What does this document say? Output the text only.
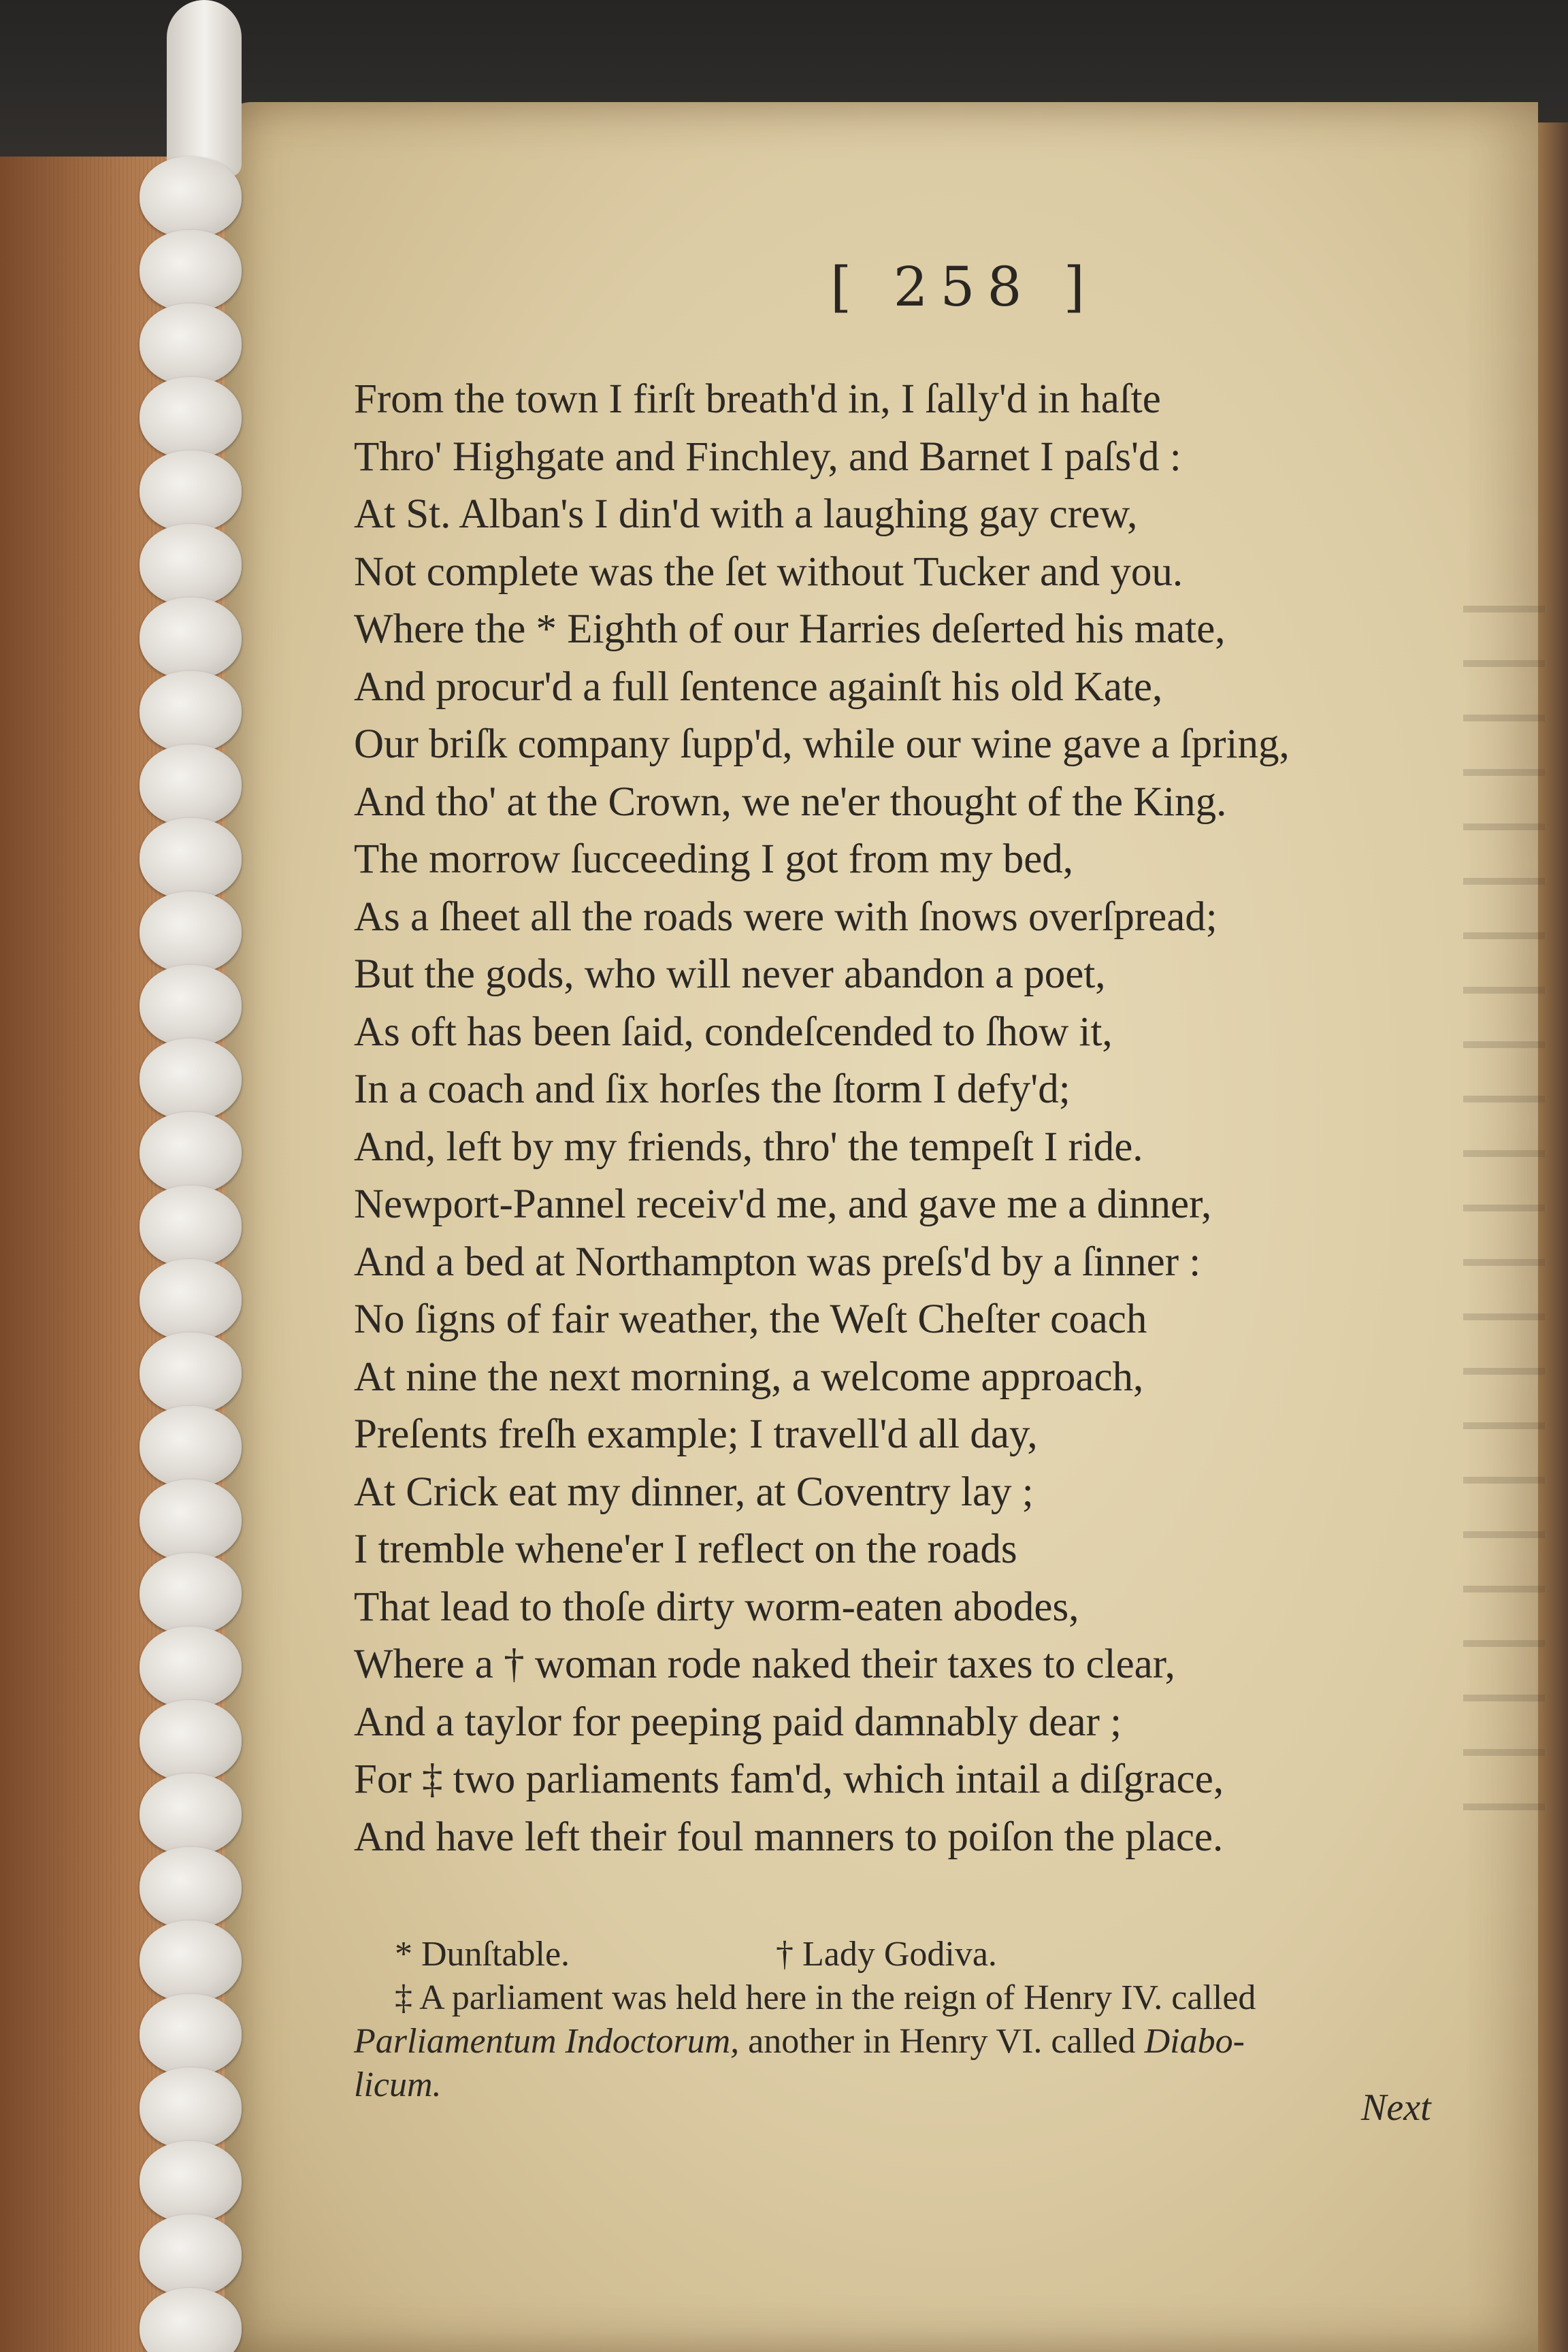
[ 258 ]
From the town I firſt breath'd in, I ſally'd in haſte
Thro' Highgate and Finchley, and Barnet I paſs'd :
At St. Alban's I din'd with a laughing gay crew,
Not complete was the ſet without Tucker and you.
Where the * Eighth of our Harries deſerted his mate,
And procur'd a full ſentence againſt his old Kate,
Our briſk company ſupp'd, while our wine gave a ſpring,
And tho' at the Crown, we ne'er thought of the King.
The morrow ſucceeding I got from my bed,
As a ſheet all the roads were with ſnows overſpread;
But the gods, who will never abandon a poet,
As oft has been ſaid, condeſcended to ſhow it,
In a coach and ſix horſes the ſtorm I defy'd;
And, left by my friends, thro' the tempeſt I ride.
Newport-Pannel receiv'd me, and gave me a dinner,
And a bed at Northampton was preſs'd by a ſinner :
No ſigns of fair weather, the Weſt Cheſter coach
At nine the next morning, a welcome approach,
Preſents freſh example; I travell'd all day,
At Crick eat my dinner, at Coventry lay ;
I tremble whene'er I reflect on the roads
That lead to thoſe dirty worm-eaten abodes,
Where a † woman rode naked their taxes to clear,
And a taylor for peeping paid damnably dear ;
For ‡ two parliaments fam'd, which intail a diſgrace,
And have left their foul manners to poiſon the place.
* Dunſtable.	† Lady Godiva.
‡ A parliament was held here in the reign of Henry IV. called
Parliamentum Indoctorum, another in Henry VI. called Diabo-
licum.
Next
